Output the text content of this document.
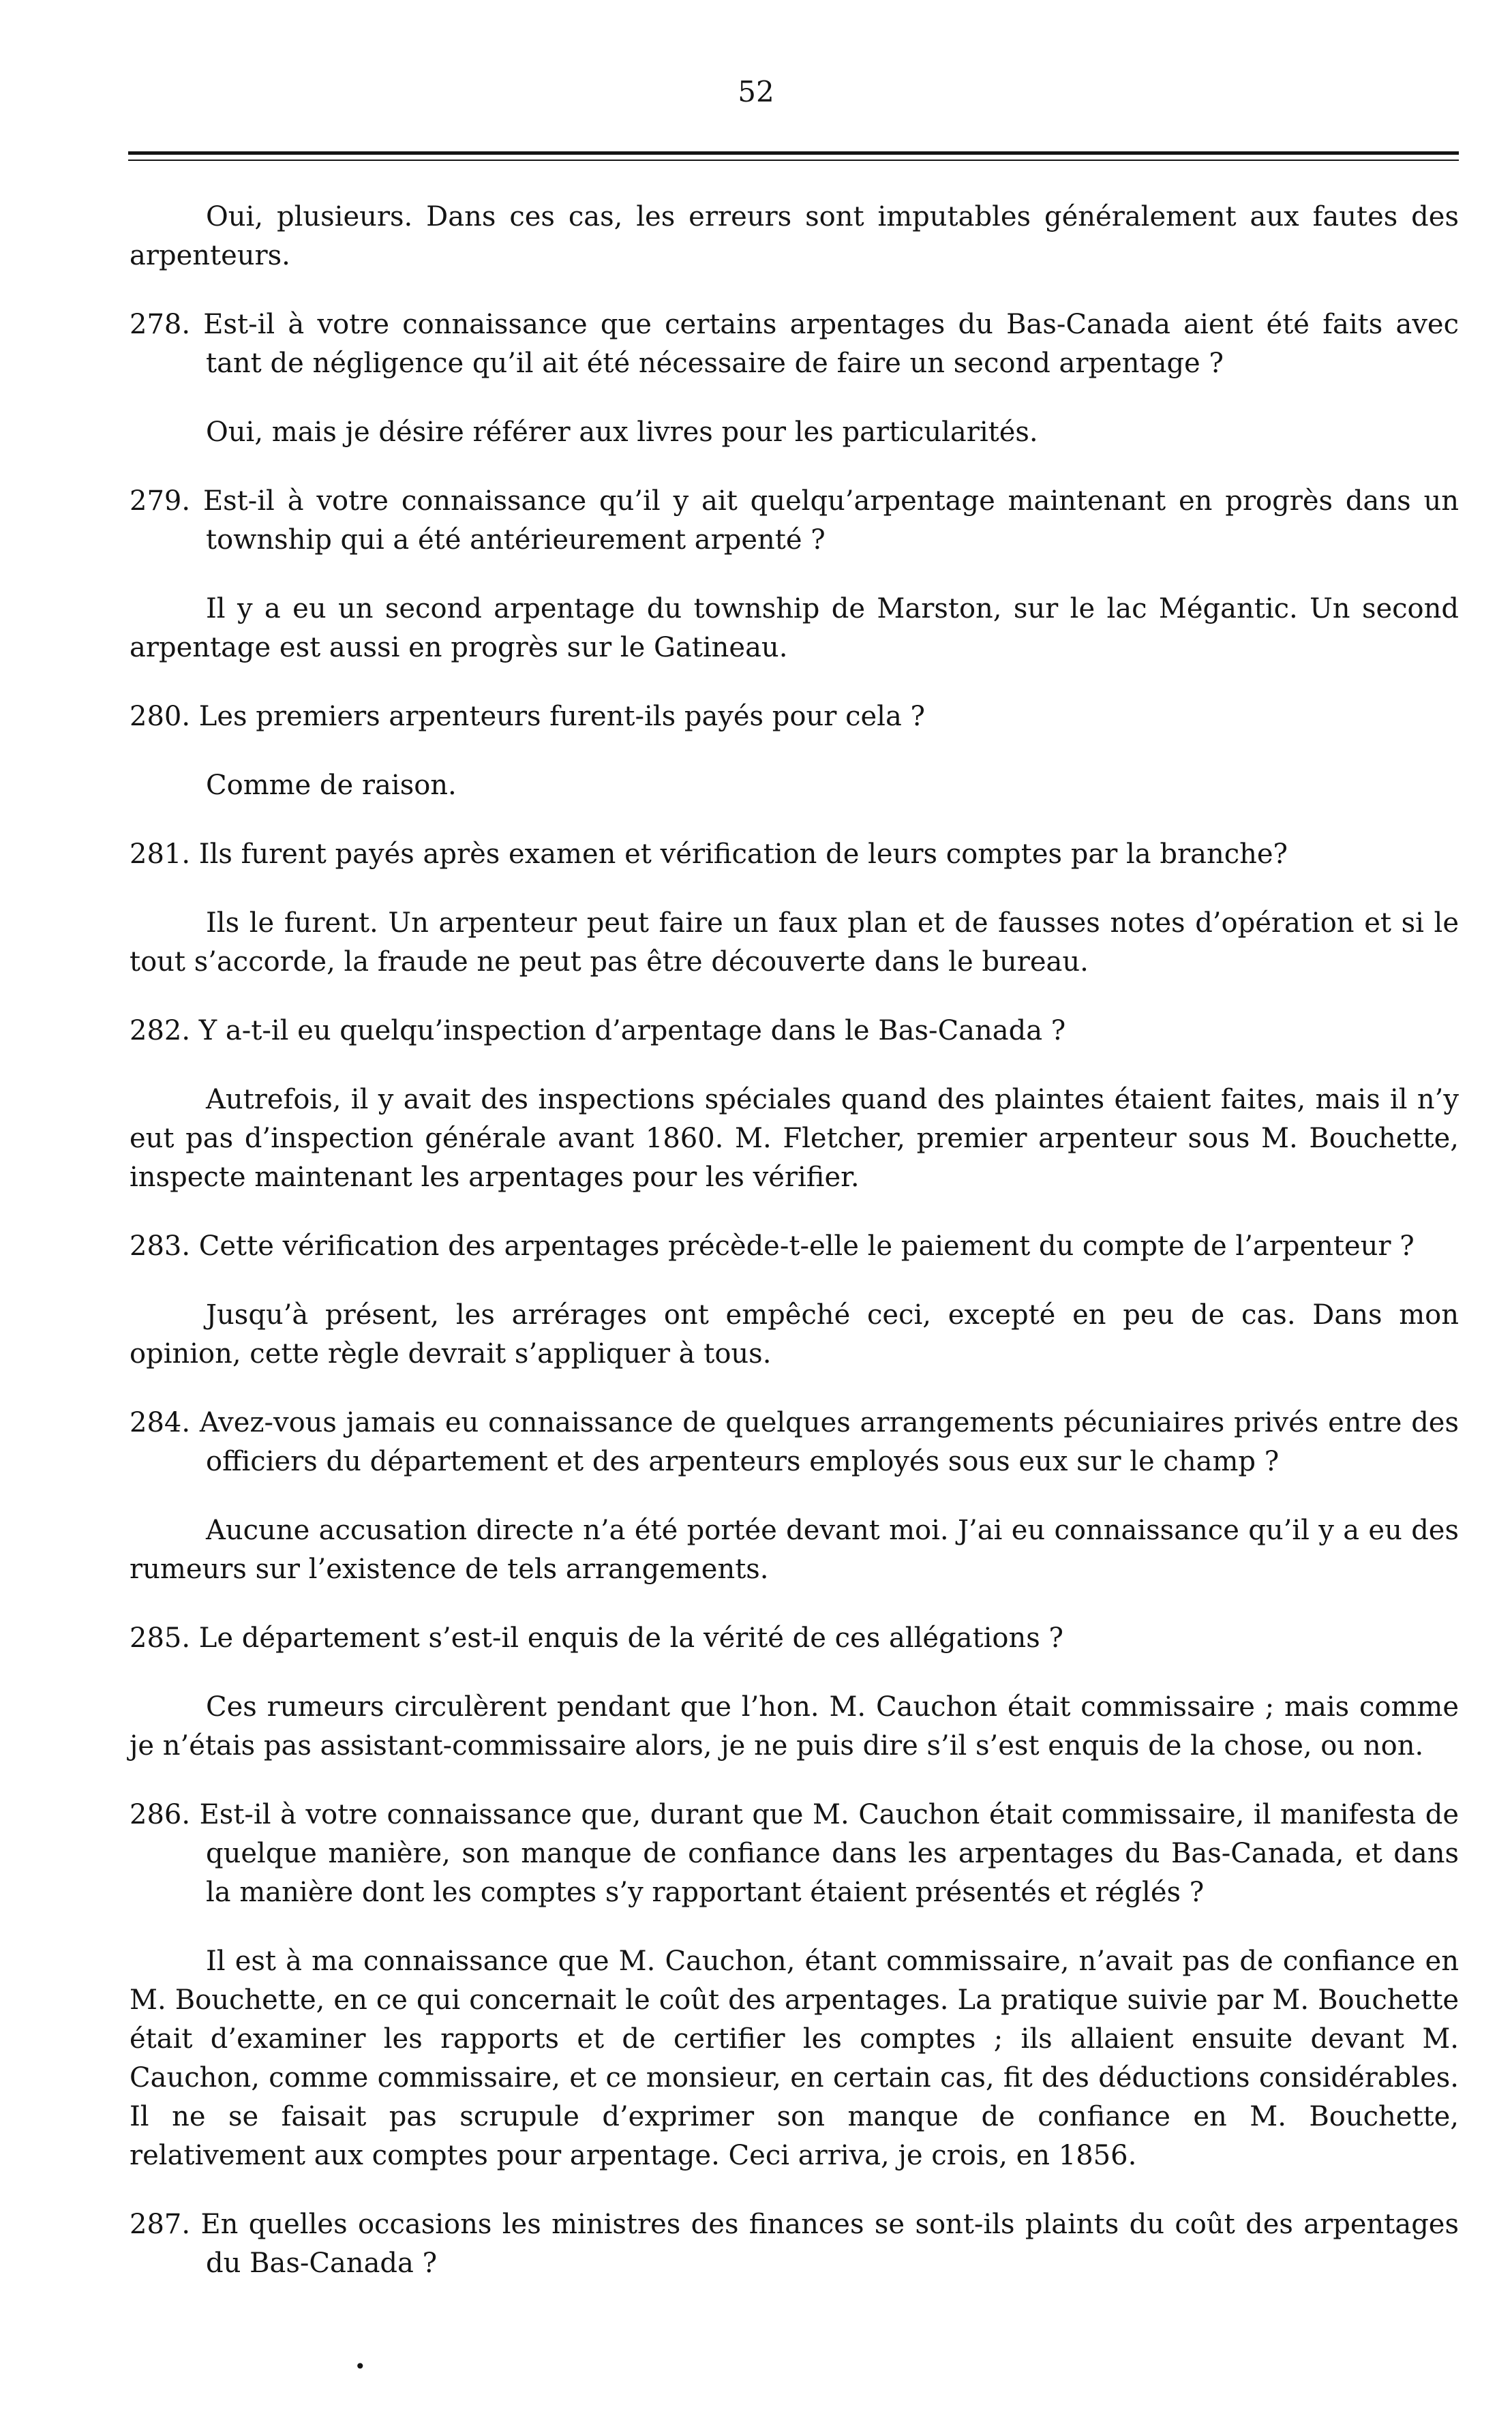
52

Oui, plusieurs. Dans ces cas, les erreurs sont imputables généralement aux fautes des arpenteurs.

278. Est-il à votre connaissance que certains arpentages du Bas-Canada aient été faits avec tant de négligence qu’il ait été nécessaire de faire un second arpentage ?

Oui, mais je désire référer aux livres pour les particularités.

279. Est-il à votre connaissance qu’il y ait quelqu’arpentage maintenant en progrès dans un township qui a été antérieurement arpenté ?

Il y a eu un second arpentage du township de Marston, sur le lac Mégantic. Un second arpentage est aussi en progrès sur le Gatineau.

280. Les premiers arpenteurs furent-ils payés pour cela ?

Comme de raison.

281. Ils furent payés après examen et vérification de leurs comptes par la branche?

Ils le furent. Un arpenteur peut faire un faux plan et de fausses notes d’opération et si le tout s’accorde, la fraude ne peut pas être découverte dans le bureau.

282. Y a-t-il eu quelqu’inspection d’arpentage dans le Bas-Canada ?

Autrefois, il y avait des inspections spéciales quand des plaintes étaient faites, mais il n’y eut pas d’inspection générale avant 1860. M. Fletcher, premier arpenteur sous M. Bouchette, inspecte maintenant les arpentages pour les vérifier.

283. Cette vérification des arpentages précède-t-elle le paiement du compte de l’arpenteur ?

Jusqu’à présent, les arrérages ont empêché ceci, excepté en peu de cas. Dans mon opinion, cette règle devrait s’appliquer à tous.

284. Avez-vous jamais eu connaissance de quelques arrangements pécuniaires privés entre des officiers du département et des arpenteurs employés sous eux sur le champ ?

Aucune accusation directe n’a été portée devant moi. J’ai eu connaissance qu’il y a eu des rumeurs sur l’existence de tels arrangements.

285. Le département s’est-il enquis de la vérité de ces allégations ?

Ces rumeurs circulèrent pendant que l’hon. M. Cauchon était commissaire ; mais comme je n’étais pas assistant-commissaire alors, je ne puis dire s’il s’est enquis de la chose, ou non.

286. Est-il à votre connaissance que, durant que M. Cauchon était commissaire, il manifesta de quelque manière, son manque de confiance dans les arpentages du Bas-Canada, et dans la manière dont les comptes s’y rapportant étaient présentés et réglés ?

Il est à ma connaissance que M. Cauchon, étant commissaire, n’avait pas de confiance en M. Bouchette, en ce qui concernait le coût des arpentages. La pratique suivie par M. Bouchette était d’examiner les rapports et de certifier les comptes ; ils allaient ensuite devant M. Cauchon, comme commissaire, et ce monsieur, en certain cas, fit des déductions considérables. Il ne se faisait pas scrupule d’exprimer son manque de confiance en M. Bouchette, relativement aux comptes pour arpentage. Ceci arriva, je crois, en 1856.

287. En quelles occasions les ministres des finances se sont-ils plaints du coût des arpentages du Bas-Canada ?

•
